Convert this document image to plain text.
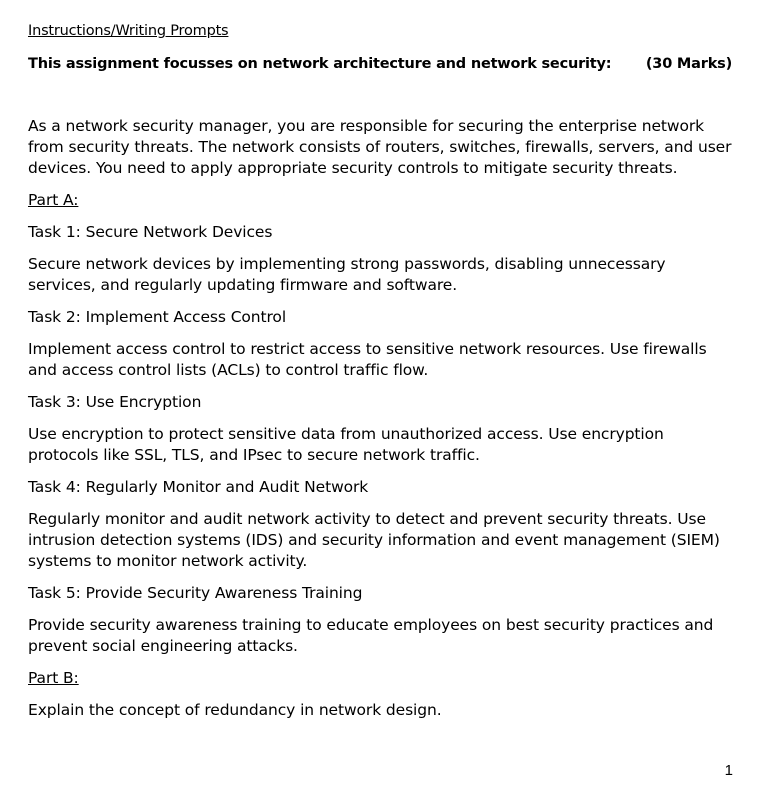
Instructions/Writing Prompts
This assignment focusses on network architecture and network security: (30 Marks)

As a network security manager, you are responsible for securing the enterprise network from security threats. The network consists of routers, switches, firewalls, servers, and user devices. You need to apply appropriate security controls to mitigate security threats.

Part A:

Task 1: Secure Network Devices

Secure network devices by implementing strong passwords, disabling unnecessary services, and regularly updating firmware and software.

Task 2: Implement Access Control

Implement access control to restrict access to sensitive network resources. Use firewalls and access control lists (ACLs) to control traffic flow.

Task 3: Use Encryption

Use encryption to protect sensitive data from unauthorized access. Use encryption protocols like SSL, TLS, and IPsec to secure network traffic.

Task 4: Regularly Monitor and Audit Network

Regularly monitor and audit network activity to detect and prevent security threats. Use intrusion detection systems (IDS) and security information and event management (SIEM) systems to monitor network activity.

Task 5: Provide Security Awareness Training

Provide security awareness training to educate employees on best security practices and prevent social engineering attacks.

Part B:

Explain the concept of redundancy in network design.

1
